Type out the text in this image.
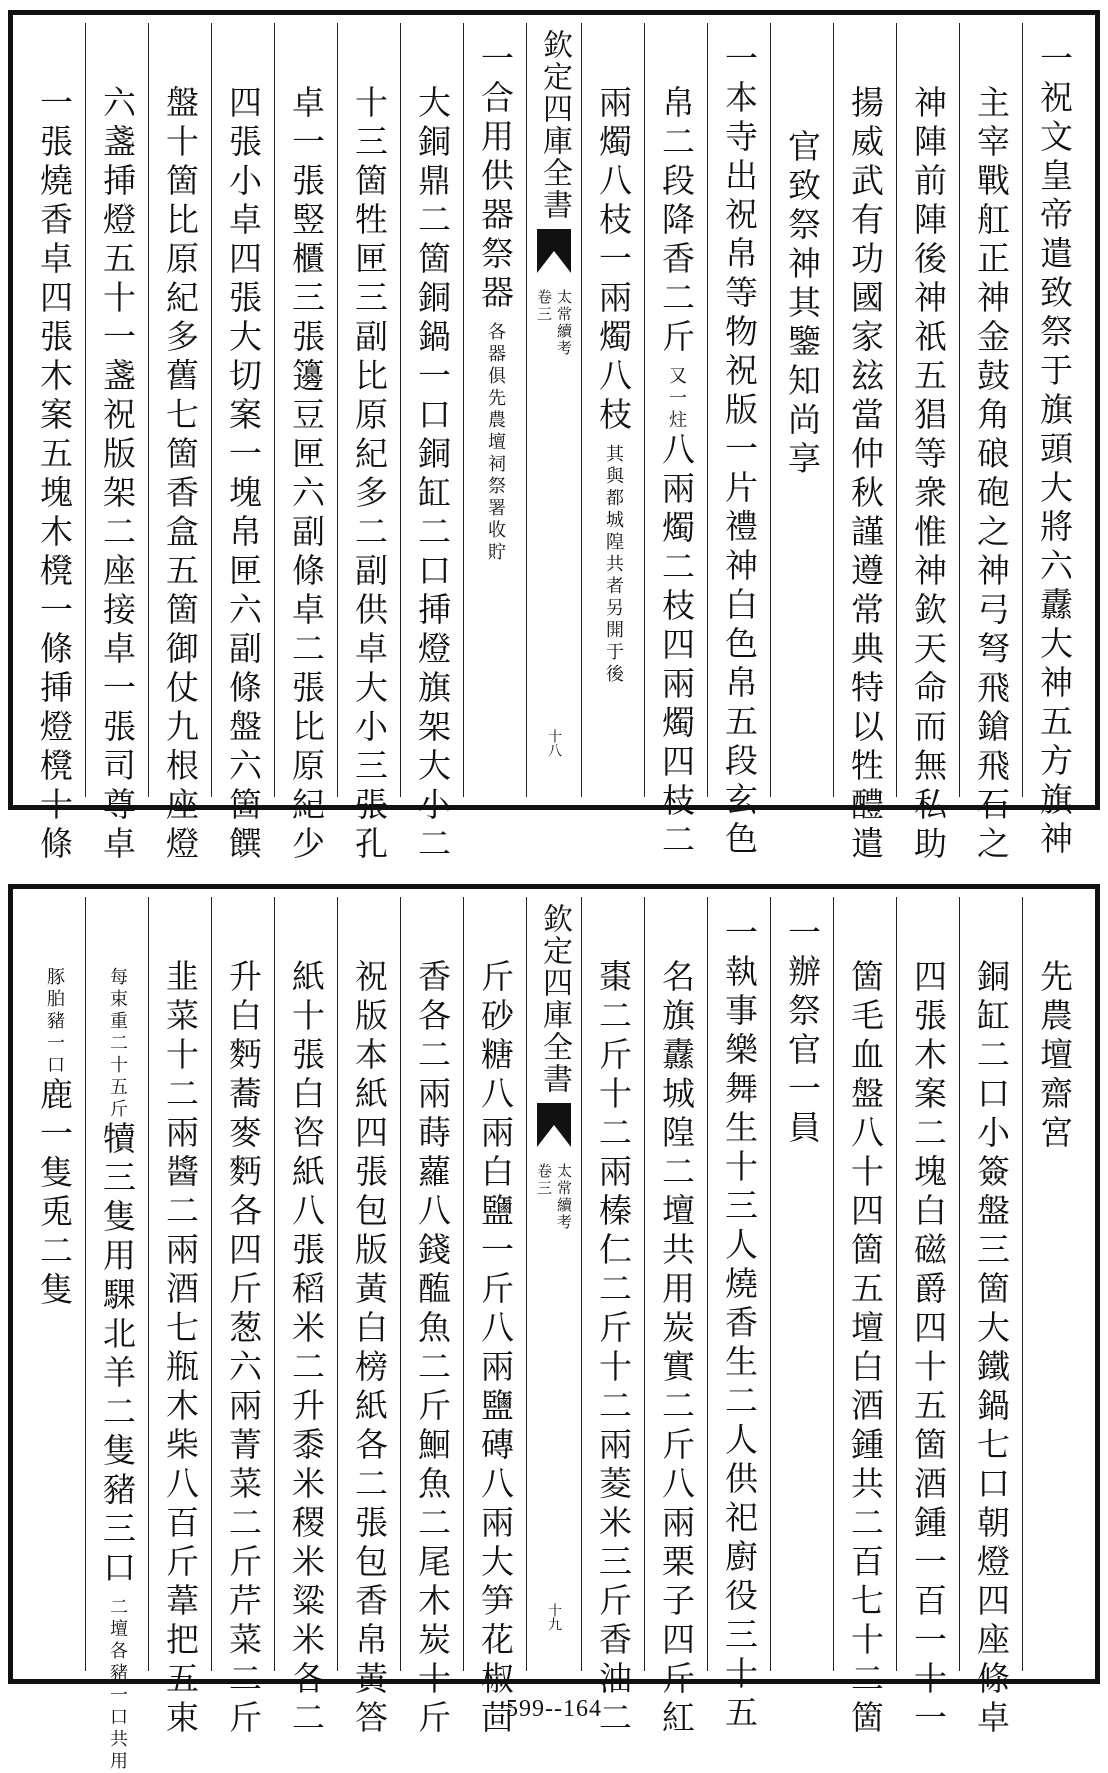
一祝文皇帝遣致祭于旗頭大將六纛大神五方旗神
主宰戰舡正神金鼓角硠砲之神弓弩飛鎗飛石之
神陣前陣後神祇五猖等衆惟神欽天命而無私助
揚威武有功國家玆當仲秋謹遵常典特以牲醴遣
官致祭神其鑒知尚享
一本寺出祝帛等物祝版一片禮神白色帛五段玄色
帛二段降香二斤
又一炷
八兩燭二枝四兩燭四枝二
兩燭八枝一兩燭八枝
其與都城隍共者另開于後
欽定四庫全書
太常續考
卷三
十八
一合用供器祭器
各器俱先農壇祠祭署收貯
大銅鼎二箇銅鍋一口銅缸二口挿燈旗架大小二
十三箇牲匣三副比原紀多二副供卓大小三張孔
卓一張竪櫃三張籩豆匣六副條卓二張比原紀少
四張小卓四張大切案一塊帛匣六副條盤六箇饌
盤十箇比原紀多舊七箇香盒五箇御仗九根座燈
六盞挿燈五十一盞祝版架二座接卓一張司尊卓
一張燒香卓四張木案五塊木櫈一條挿燈櫈十條
先農壇齋宮
銅缸二口小簽盤三箇大鐵鍋七口朝燈四座條卓
四張木案二塊白磁爵四十五箇酒鍾一百一十一
箇毛血盤八十四箇五壇白酒鍾共二百七十二箇
一辦祭官一員
一執事樂舞生十三人燒香生二人供祀廚役三十五
名旗纛城隍二壇共用炭實二斤八兩栗子四斤紅
棗二斤十二兩榛仁二斤十二兩菱米三斤香油二
欽定四庫全書
太常續考
卷三
十九
斤砂糖八兩白鹽一斤八兩鹽磚八兩大笋花椒茴
香各二兩蒔蘿八錢醢魚二斤鮰魚二尾木炭十斤
祝版本紙四張包版黃白榜紙各二張包香帛黃答
紙十張白咨紙八張稻米二升黍米稷米粱米各二
升白麪蕎麥麪各四斤葱六兩菁菜二斤芹菜二斤
韭菜十二兩醬二兩酒七瓶木柴八百斤葦把五束
每束重二十五斤
犢三隻用騍北羊二隻豬三口
二壇各豬一口共用
豚胉豬一口
鹿一隻兎二隻
599--164
